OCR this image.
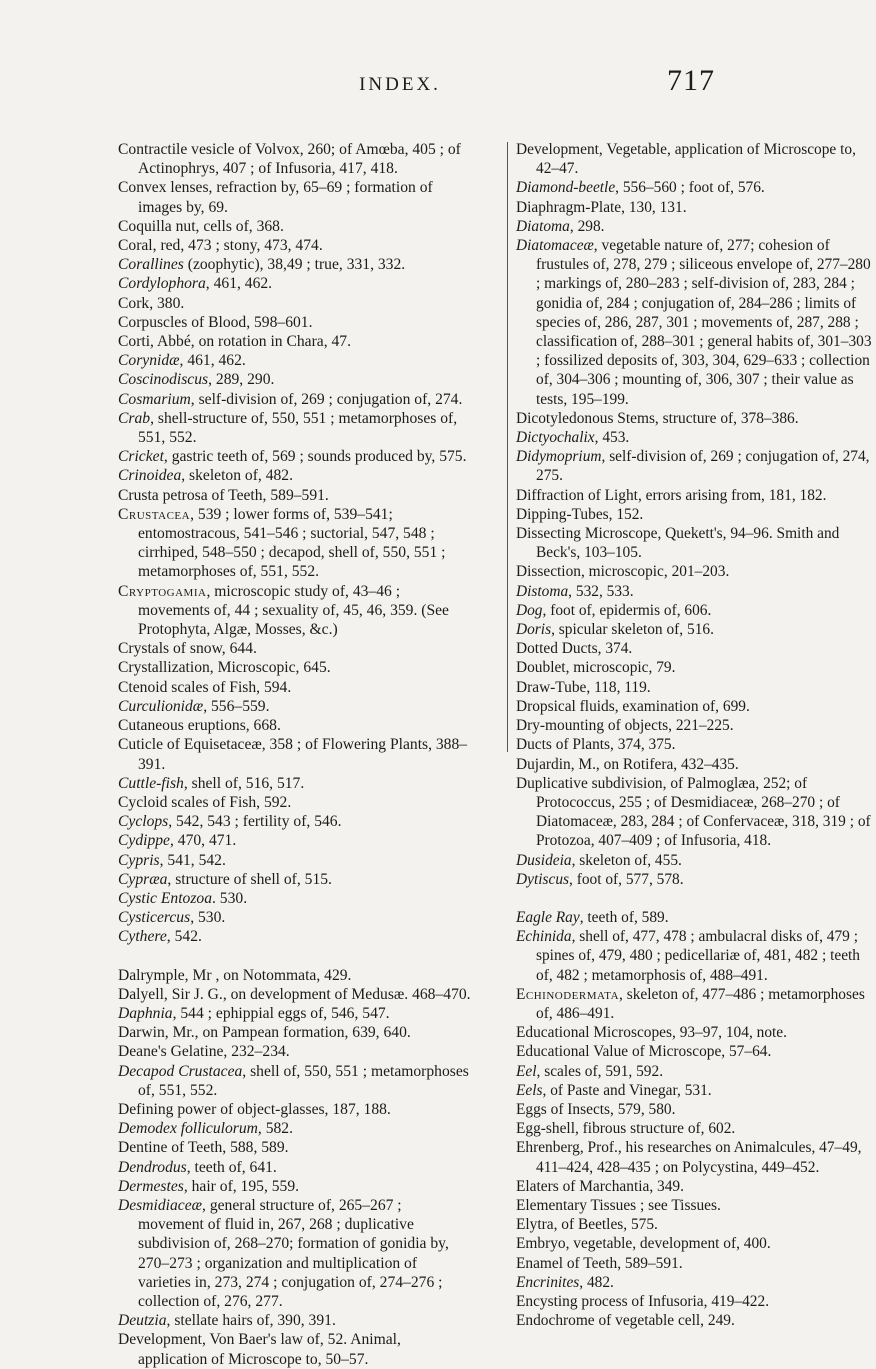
INDEX.	717

Contractile vesicle of Volvox, 260; of Amœba, 405 ; of Actinophrys, 407 ; of Infusoria, 417, 418.

Convex lenses, refraction by, 65–69 ; formation of images by, 69.

Coquilla nut, cells of, 368.

Coral, red, 473 ; stony, 473, 474.

Corallines (zoophytic), 38,49 ; true, 331, 332.

Cordylophora, 461, 462.

Cork, 380.

Corpuscles of Blood, 598–601.

Corti, Abbé, on rotation in Chara, 47.

Corynidæ, 461, 462.

Coscinodiscus, 289, 290.

Cosmarium, self-division of, 269 ; conjugation of, 274.

Crab, shell-structure of, 550, 551 ; metamorphoses of, 551, 552.

Cricket, gastric teeth of, 569 ; sounds produced by, 575.

Crinoidea, skeleton of, 482.

Crusta petrosa of Teeth, 589–591.

Crustacea, 539 ; lower forms of, 539–541; entomostracous, 541–546 ; suctorial, 547, 548 ; cirrhiped, 548–550 ; decapod, shell of, 550, 551 ; metamorphoses of, 551, 552.

Cryptogamia, microscopic study of, 43–46 ; movements of, 44 ; sexuality of, 45, 46, 359. (See Protophyta, Algæ, Mosses, &c.)

Crystals of snow, 644.

Crystallization, Microscopic, 645.

Ctenoid scales of Fish, 594.

Curculionidæ, 556–559.

Cutaneous eruptions, 668.

Cuticle of Equisetaceæ, 358 ; of Flowering Plants, 388–391.

Cuttle-fish, shell of, 516, 517.

Cycloid scales of Fish, 592.

Cyclops, 542, 543 ; fertility of, 546.

Cydippe, 470, 471.

Cypris, 541, 542.

Cypræa, structure of shell of, 515.

Cystic Entozoa. 530.

Cysticercus, 530.

Cythere, 542.

Dalrymple, Mr , on Notommata, 429.

Dalyell, Sir J. G., on development of Medusæ. 468–470.

Daphnia, 544 ; ephippial eggs of, 546, 547.

Darwin, Mr., on Pampean formation, 639, 640.

Deane's Gelatine, 232–234.

Decapod Crustacea, shell of, 550, 551 ; metamorphoses of, 551, 552.

Defining power of object-glasses, 187, 188.

Demodex folliculorum, 582.

Dentine of Teeth, 588, 589.

Dendrodus, teeth of, 641.

Dermestes, hair of, 195, 559.

Desmidiaceæ, general structure of, 265–267 ; movement of fluid in, 267, 268 ; duplicative subdivision of, 268–270; formation of gonidia by, 270–273 ; organization and multiplication of varieties in, 273, 274 ; conjugation of, 274–276 ; collection of, 276, 277.

Deutzia, stellate hairs of, 390, 391.

Development, Von Baer's law of, 52. Animal, application of Microscope to, 50–57.

Development, Vegetable, application of Microscope to, 42–47.

Diamond-beetle, 556–560 ; foot of, 576.

Diaphragm-Plate, 130, 131.

Diatoma, 298.

Diatomaceæ, vegetable nature of, 277; cohesion of frustules of, 278, 279 ; siliceous envelope of, 277–280 ; markings of, 280–283 ; self-division of, 283, 284 ; gonidia of, 284 ; conjugation of, 284–286 ; limits of species of, 286, 287, 301 ; movements of, 287, 288 ; classification of, 288–301 ; general habits of, 301–303 ; fossilized deposits of, 303, 304, 629–633 ; collection of, 304–306 ; mounting of, 306, 307 ; their value as tests, 195–199.

Dicotyledonous Stems, structure of, 378–386.

Dictyochalix, 453.

Didymoprium, self-division of, 269 ; conjugation of, 274, 275.

Diffraction of Light, errors arising from, 181, 182.

Dipping-Tubes, 152.

Dissecting Microscope, Quekett's, 94–96. Smith and Beck's, 103–105.

Dissection, microscopic, 201–203.

Distoma, 532, 533.

Dog, foot of, epidermis of, 606.

Doris, spicular skeleton of, 516.

Dotted Ducts, 374.

Doublet, microscopic, 79.

Draw-Tube, 118, 119.

Dropsical fluids, examination of, 699.

Dry-mounting of objects, 221–225.

Ducts of Plants, 374, 375.

Dujardin, M., on Rotifera, 432–435.

Duplicative subdivision, of Palmoglæa, 252; of Protococcus, 255 ; of Desmidiaceæ, 268–270 ; of Diatomaceæ, 283, 284 ; of Confervaceæ, 318, 319 ; of Protozoa, 407–409 ; of Infusoria, 418.

Dusideia, skeleton of, 455.

Dytiscus, foot of, 577, 578.

Eagle Ray, teeth of, 589.

Echinida, shell of, 477, 478 ; ambulacral disks of, 479 ; spines of, 479, 480 ; pedicellariæ of, 481, 482 ; teeth of, 482 ; metamorphosis of, 488–491.

Echinodermata, skeleton of, 477–486 ; metamorphoses of, 486–491.

Educational Microscopes, 93–97, 104, note.

Educational Value of Microscope, 57–64.

Eel, scales of, 591, 592.

Eels, of Paste and Vinegar, 531.

Eggs of Insects, 579, 580.

Egg-shell, fibrous structure of, 602.

Ehrenberg, Prof., his researches on Animalcules, 47–49, 411–424, 428–435 ; on Polycystina, 449–452.

Elaters of Marchantia, 349.

Elementary Tissues ; see Tissues.

Elytra, of Beetles, 575.

Embryo, vegetable, development of, 400.

Enamel of Teeth, 589–591.

Encrinites, 482.

Encysting process of Infusoria, 419–422.

Endochrome of vegetable cell, 249.
